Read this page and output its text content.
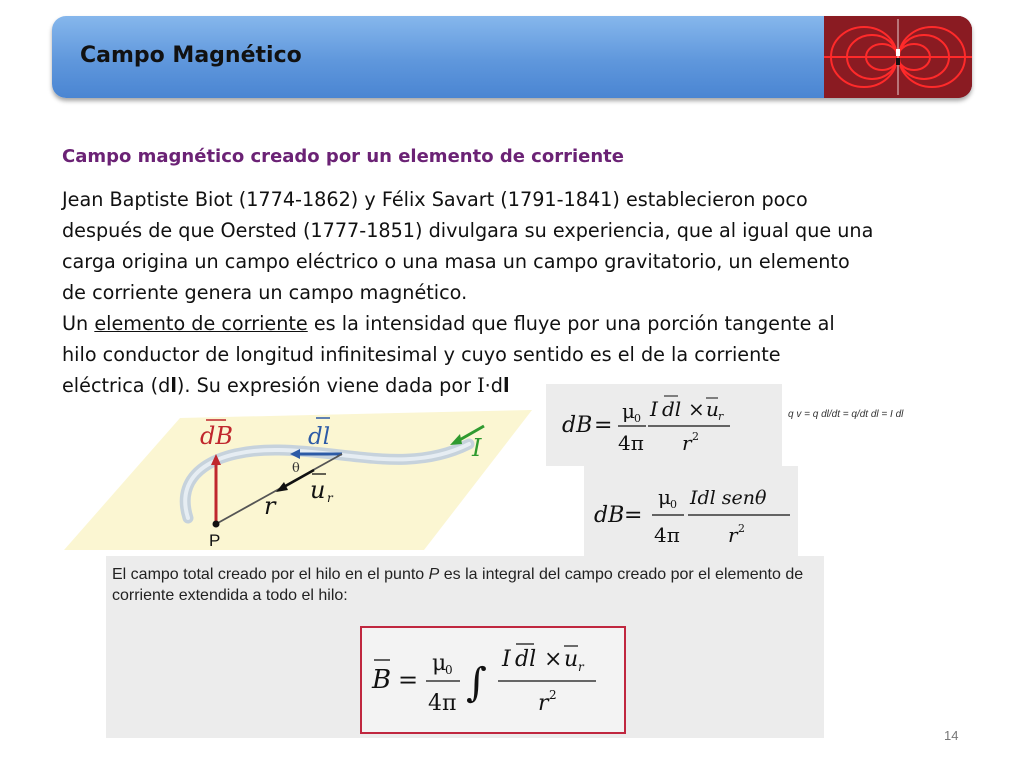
Campo Magnético
Campo magnético creado por un elemento de corriente

Jean Baptiste Biot (1774-1862) y Félix Savart (1791-1841) establecieron poco

después de que Oersted (1777-1851) divulgara su experiencia, que al igual que una

carga origina un campo eléctrico o una masa un campo gravitatorio, un elemento

de corriente genera un campo magnético.

Un elemento de corriente es la intensidad que fluye por una porción tangente al

hilo conductor de longitud infinitesimal y cuyo sentido es el de la corriente

eléctrica (dl). Su expresión viene dada por I·dl

dB	dl	I
θ
u r
r
P
dB =
μ 0
4π
I dl × u r
r 2
dB =
μ 0
4π
Idl senθ
r 2
q v = q dl/dt = q/dt dl = I dl
El campo total creado por el hilo en el punto P es la integral del campo creado por el elemento de corriente extendida a todo el hilo:
B =
μ
0
4π ∫
I dl × u r
r 2
14
